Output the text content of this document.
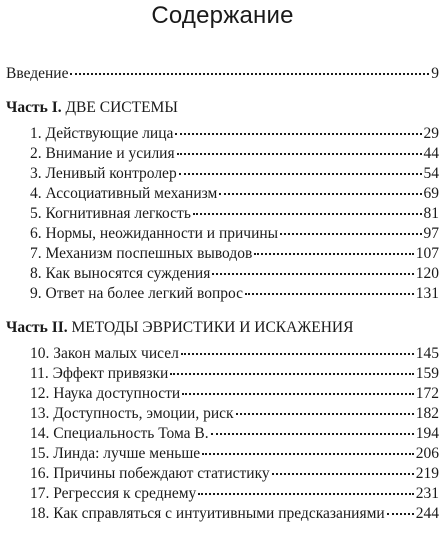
Содержание
Введение	9
Часть I. ДВЕ СИСТЕМЫ
1. Действующие лица	29
2. Внимание и усилия	44
3. Ленивый контролер	54
4. Ассоциативный механизм	69
5. Когнитивная легкость	81
6. Нормы, неожиданности и причины	97
7. Механизм поспешных выводов	107
8. Как выносятся суждения	120
9. Ответ на более легкий вопрос	131
Часть II. МЕТОДЫ ЭВРИСТИКИ И ИСКАЖЕНИЯ
10. Закон малых чисел	145
11. Эффект привязки	159
12. Наука доступности	172
13. Доступность, эмоции, риск	182
14. Специальность Тома В.	194
15. Линда: лучше меньше	206
16. Причины побеждают статистику	219
17. Регрессия к среднему	231
18. Как справляться с интуитивными предсказаниями 244
